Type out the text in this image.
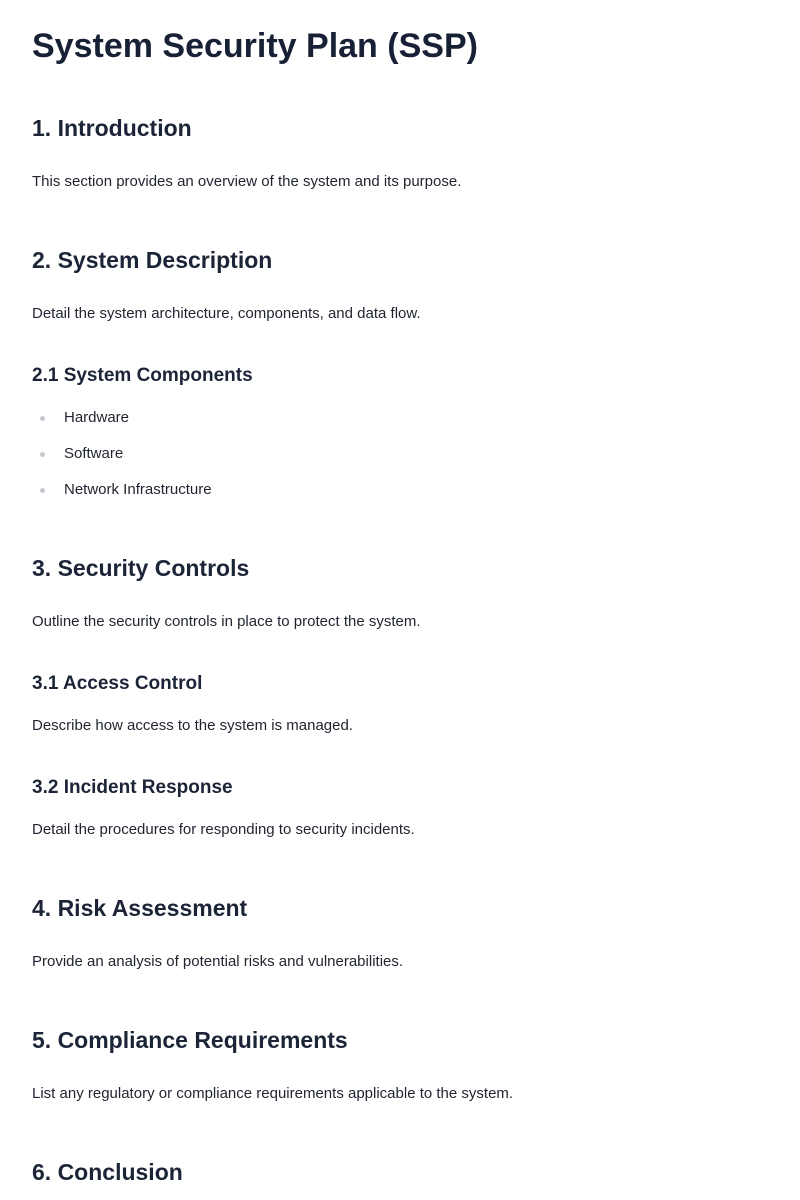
System Security Plan (SSP)
1. Introduction

This section provides an overview of the system and its purpose.

2. System Description

Detail the system architecture, components, and data flow.

2.1 System Components
Hardware
Software
Network Infrastructure
3. Security Controls

Outline the security controls in place to protect the system.

3.1 Access Control

Describe how access to the system is managed.

3.2 Incident Response

Detail the procedures for responding to security incidents.

4. Risk Assessment

Provide an analysis of potential risks and vulnerabilities.

5. Compliance Requirements

List any regulatory or compliance requirements applicable to the system.

6. Conclusion
